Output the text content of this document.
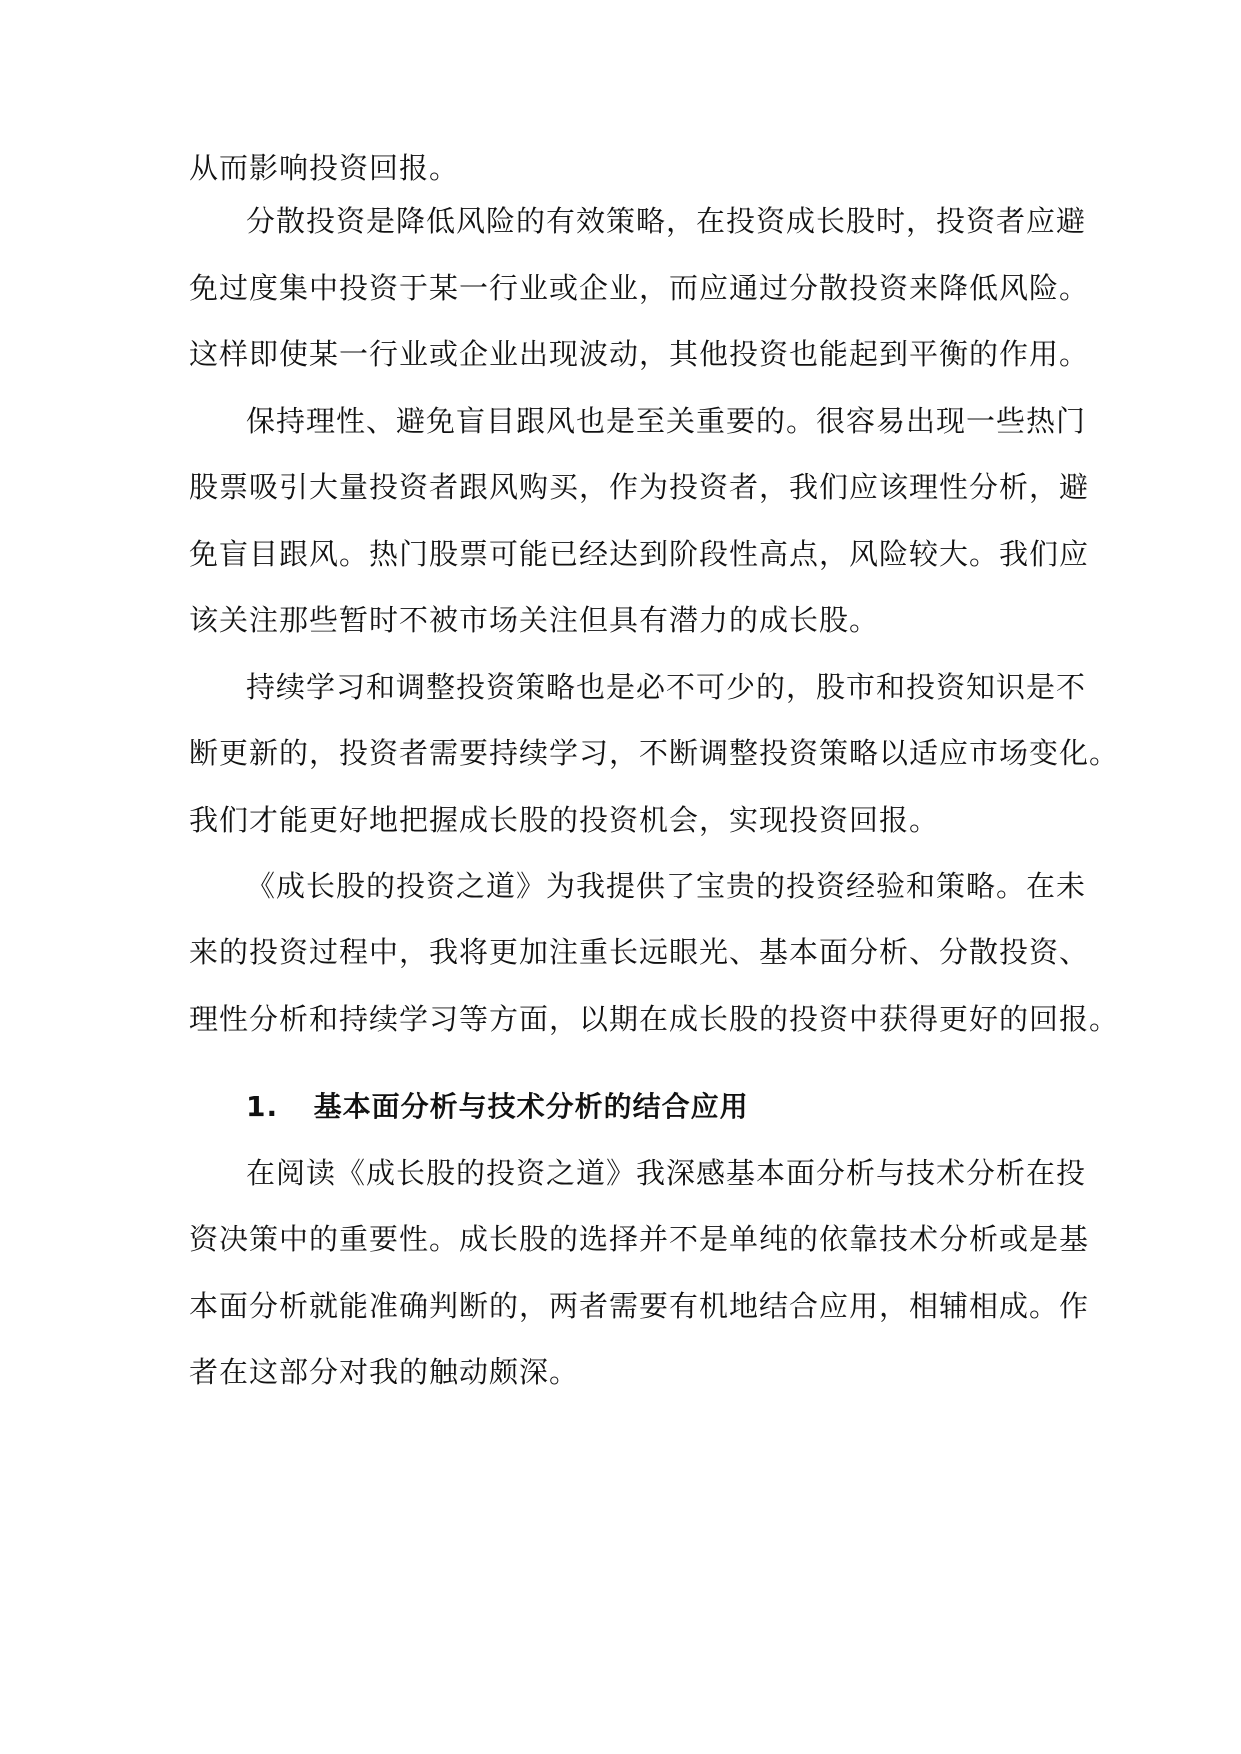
从而影响投资回报。
分散投资是降低风险的有效策略，在投资成长股时，投资者应避
免过度集中投资于某一行业或企业，而应通过分散投资来降低风险。
这样即使某一行业或企业出现波动，其他投资也能起到平衡的作用。
保持理性、避免盲目跟风也是至关重要的。很容易出现一些热门
股票吸引大量投资者跟风购买，作为投资者，我们应该理性分析，避
免盲目跟风。热门股票可能已经达到阶段性高点，风险较大。我们应
该关注那些暂时不被市场关注但具有潜力的成长股。
持续学习和调整投资策略也是必不可少的，股市和投资知识是不
断更新的，投资者需要持续学习，不断调整投资策略以适应市场变化。
我们才能更好地把握成长股的投资机会，实现投资回报。
《成长股的投资之道》为我提供了宝贵的投资经验和策略。在未
来的投资过程中，我将更加注重长远眼光、基本面分析、分散投资、
理性分析和持续学习等方面，以期在成长股的投资中获得更好的回报。
1. 基本面分析与技术分析的结合应用
在阅读《成长股的投资之道》我深感基本面分析与技术分析在投
资决策中的重要性。成长股的选择并不是单纯的依靠技术分析或是基
本面分析就能准确判断的，两者需要有机地结合应用，相辅相成。作
者在这部分对我的触动颇深。
